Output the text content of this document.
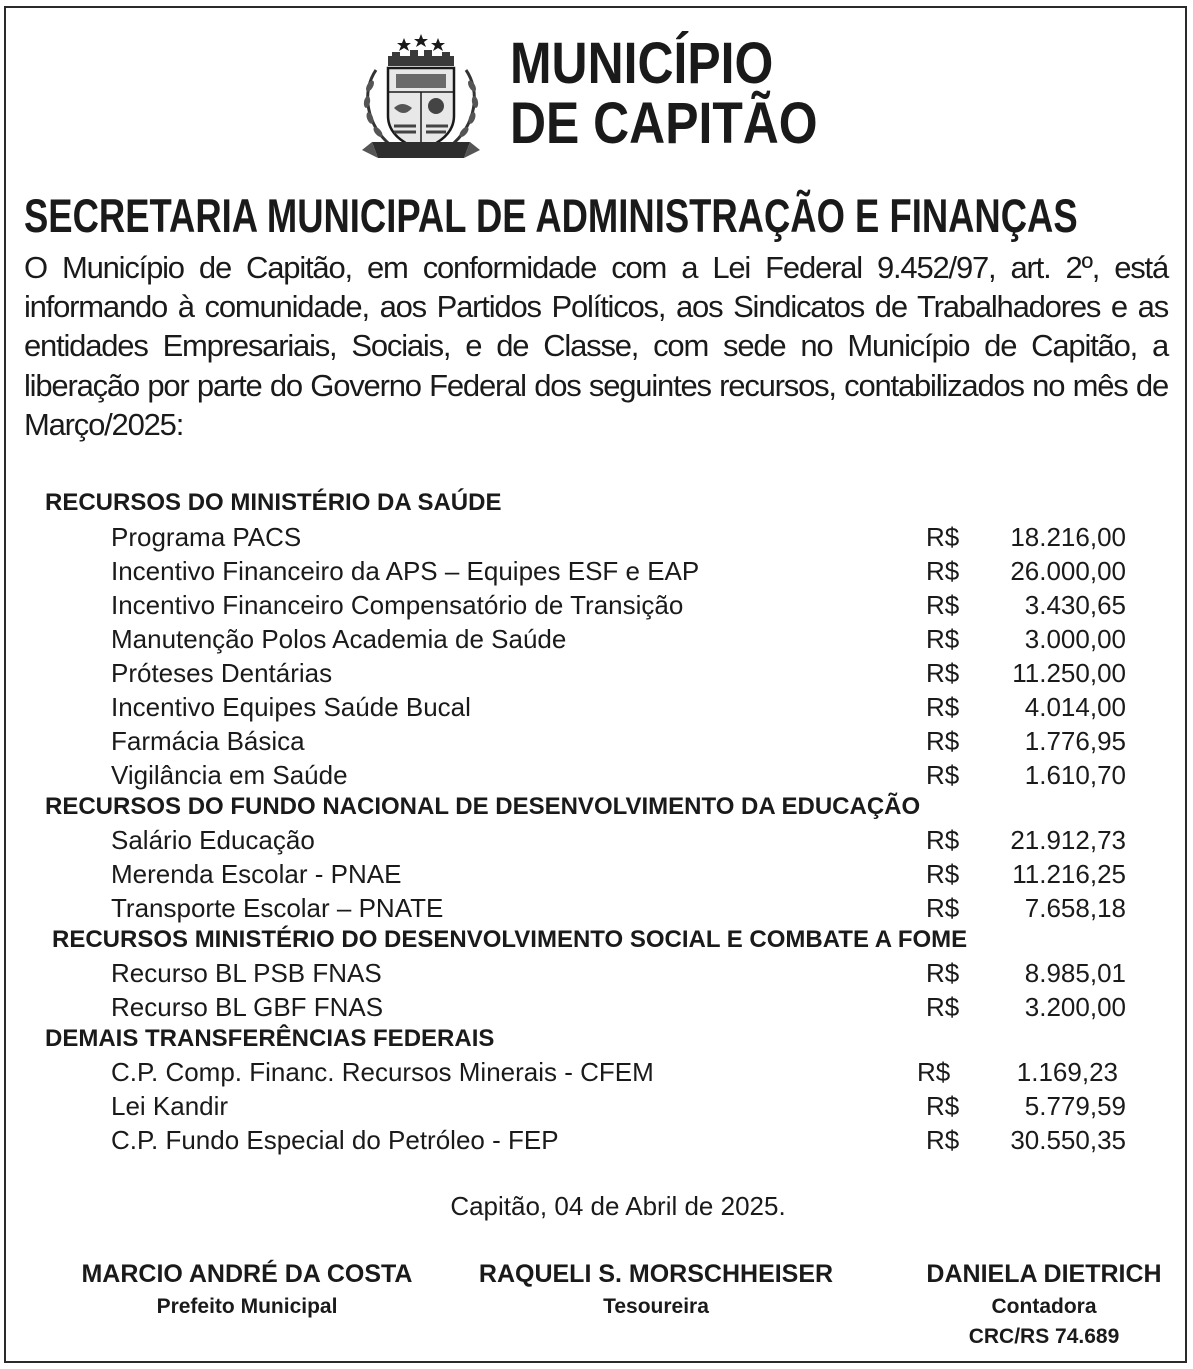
MUNICÍPIO
DE CAPITÃO
SECRETARIA MUNICIPAL DE ADMINISTRAÇÃO E FINANÇAS

O Município de Capitão, em conformidade com a Lei Federal 9.452/97, art. 2º, está informando à comunidade, aos Partidos Políticos, aos Sindicatos de Trabalhadores e as entidades Empresariais, Sociais, e de Classe, com sede no Município de Capitão, a liberação por parte do Governo Federal dos seguintes recursos, contabilizados no mês de Março/2025:

RECURSOS DO MINISTÉRIO DA SAÚDE
Programa PACS	R$ 18.216,00
Incentivo Financeiro da APS – Equipes ESF e EAP	R$ 26.000,00
Incentivo Financeiro Compensatório de Transição	R$	3.430,65
Manutenção Polos Academia de Saúde	R$	3.000,00
Próteses Dentárias	R$ 11.250,00
Incentivo Equipes Saúde Bucal	R$	4.014,00
Farmácia Básica	R$	1.776,95
Vigilância em Saúde	R$	1.610,70
RECURSOS DO FUNDO NACIONAL DE DESENVOLVIMENTO DA EDUCAÇÃO
Salário Educação	R$ 21.912,73
Merenda Escolar - PNAE	R$ 11.216,25
Transporte Escolar – PNATE	R$	7.658,18
RECURSOS MINISTÉRIO DO DESENVOLVIMENTO SOCIAL E COMBATE A FOME
Recurso BL PSB FNAS	R$	8.985,01
Recurso BL GBF FNAS	R$	3.200,00
DEMAIS TRANSFERÊNCIAS FEDERAIS
C.P. Comp. Financ. Recursos Minerais - CFEM	R$	1.169,23
Lei Kandir	R$	5.779,59
C.P. Fundo Especial do Petróleo - FEP	R$ 30.550,35
Capitão, 04 de Abril de 2025.
MARCIO ANDRÉ DA COSTA
Prefeito Municipal
RAQUELI S. MORSCHHEISER
Tesoureira
DANIELA DIETRICH
Contadora
CRC/RS 74.689
